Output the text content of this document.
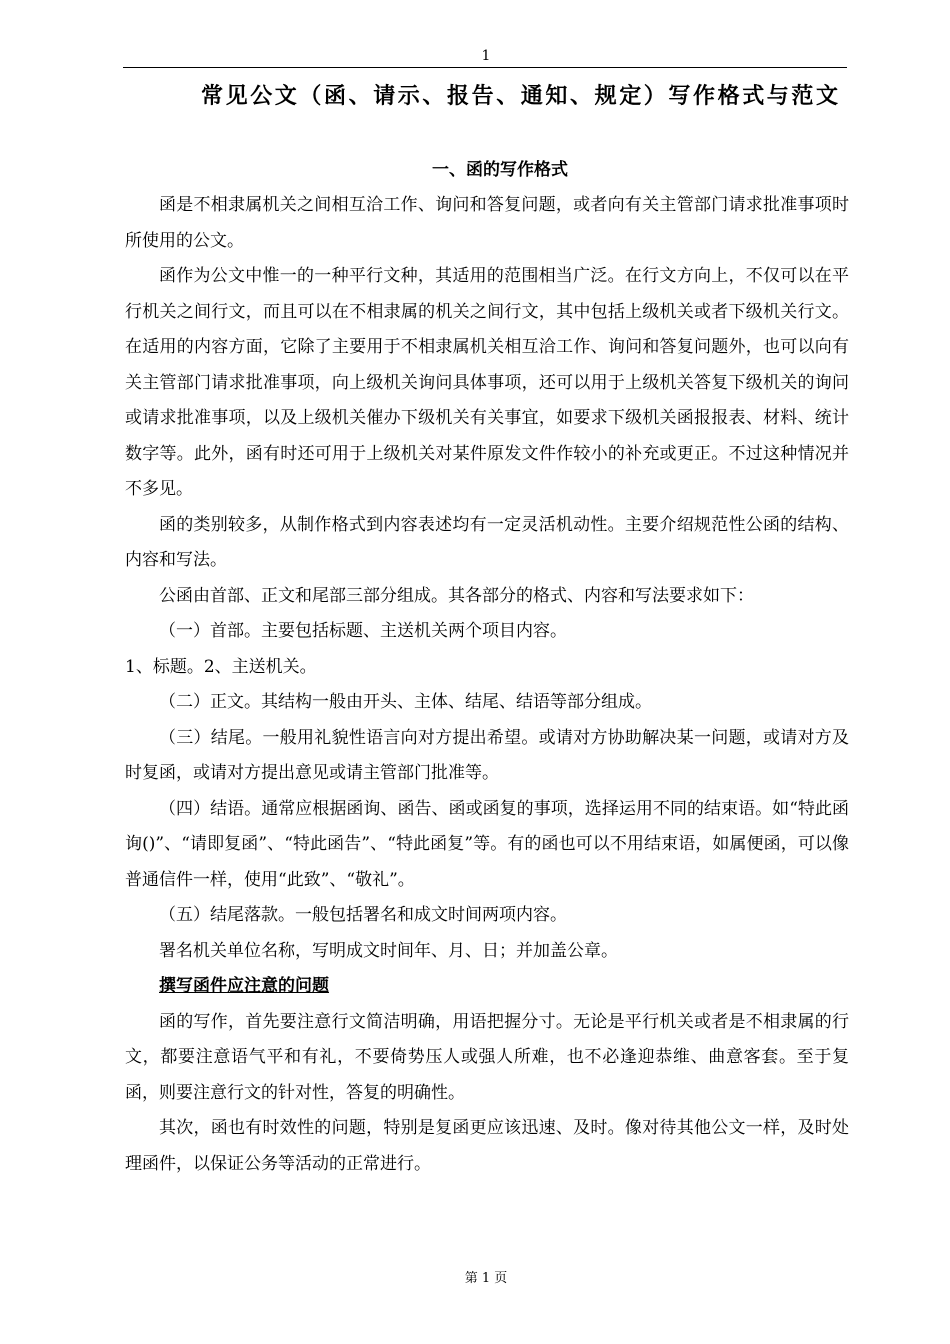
1
常见公文（函、请示、报告、通知、规定）写作格式与范文
一、函的写作格式

函是不相隶属机关之间相互洽工作、询问和答复问题，或者向有关主管部门请求批准事项时所使用的公文。

函作为公文中惟一的一种平行文种，其适用的范围相当广泛。在行文方向上，不仅可以在平行机关之间行文，而且可以在不相隶属的机关之间行文，其中包括上级机关或者下级机关行文。在适用的内容方面，它除了主要用于不相隶属机关相互洽工作、询问和答复问题外，也可以向有关主管部门请求批准事项，向上级机关询问具体事项，还可以用于上级机关答复下级机关的询问或请求批准事项，以及上级机关催办下级机关有关事宜，如要求下级机关函报报表、材料、统计数字等。此外，函有时还可用于上级机关对某件原发文件作较小的补充或更正。不过这种情况并不多见。

函的类别较多，从制作格式到内容表述均有一定灵活机动性。主要介绍规范性公函的结构、内容和写法。

公函由首部、正文和尾部三部分组成。其各部分的格式、内容和写法要求如下：

（一）首部。主要包括标题、主送机关两个项目内容。

1、标题。2、主送机关。

（二）正文。其结构一般由开头、主体、结尾、结语等部分组成。

（三）结尾。一般用礼貌性语言向对方提出希望。或请对方协助解决某一问题，或请对方及时复函，或请对方提出意见或请主管部门批准等。

（四）结语。通常应根据函询、函告、函或函复的事项，选择运用不同的结束语。如“特此函询()”、“请即复函”、“特此函告”、“特此函复”等。有的函也可以不用结束语，如属便函，可以像普通信件一样，使用“此致”、“敬礼”。

（五）结尾落款。一般包括署名和成文时间两项内容。

署名机关单位名称，写明成文时间年、月、日；并加盖公章。

撰写函件应注意的问题

函的写作，首先要注意行文简洁明确，用语把握分寸。无论是平行机关或者是不相隶属的行文，都要注意语气平和有礼，不要倚势压人或强人所难，也不必逢迎恭维、曲意客套。至于复函，则要注意行文的针对性，答复的明确性。

其次，函也有时效性的问题，特别是复函更应该迅速、及时。像对待其他公文一样，及时处理函件，以保证公务等活动的正常进行。

第 1 页
